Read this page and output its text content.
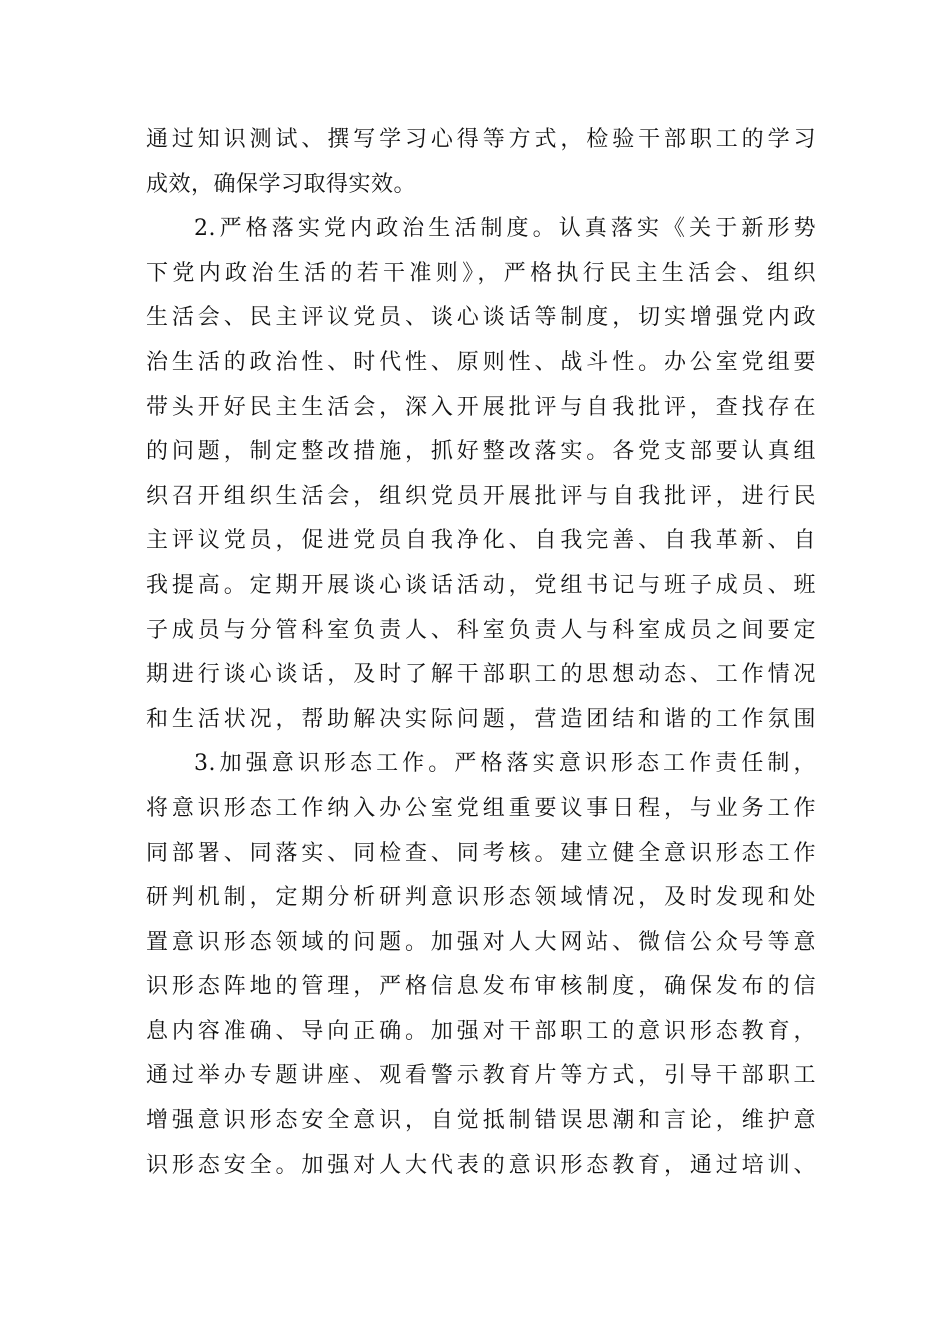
通过知识测试、撰写学习心得等方式，检验干部职工的学习
成效，确保学习取得实效。
2.严格落实党内政治生活制度。认真落实《关于新形势
下党内政治生活的若干准则》，严格执行民主生活会、组织
生活会、民主评议党员、谈心谈话等制度，切实增强党内政
治生活的政治性、时代性、原则性、战斗性。办公室党组要
带头开好民主生活会，深入开展批评与自我批评，查找存在
的问题，制定整改措施，抓好整改落实。各党支部要认真组
织召开组织生活会，组织党员开展批评与自我批评，进行民
主评议党员，促进党员自我净化、自我完善、自我革新、自
我提高。定期开展谈心谈话活动，党组书记与班子成员、班
子成员与分管科室负责人、科室负责人与科室成员之间要定
期进行谈心谈话，及时了解干部职工的思想动态、工作情况
和生活状况，帮助解决实际问题，营造团结和谐的工作氛围
3.加强意识形态工作。严格落实意识形态工作责任制，
将意识形态工作纳入办公室党组重要议事日程，与业务工作
同部署、同落实、同检查、同考核。建立健全意识形态工作
研判机制，定期分析研判意识形态领域情况，及时发现和处
置意识形态领域的问题。加强对人大网站、微信公众号等意
识形态阵地的管理，严格信息发布审核制度，确保发布的信
息内容准确、导向正确。加强对干部职工的意识形态教育，
通过举办专题讲座、观看警示教育片等方式，引导干部职工
增强意识形态安全意识，自觉抵制错误思潮和言论，维护意
识形态安全。加强对人大代表的意识形态教育，通过培训、
